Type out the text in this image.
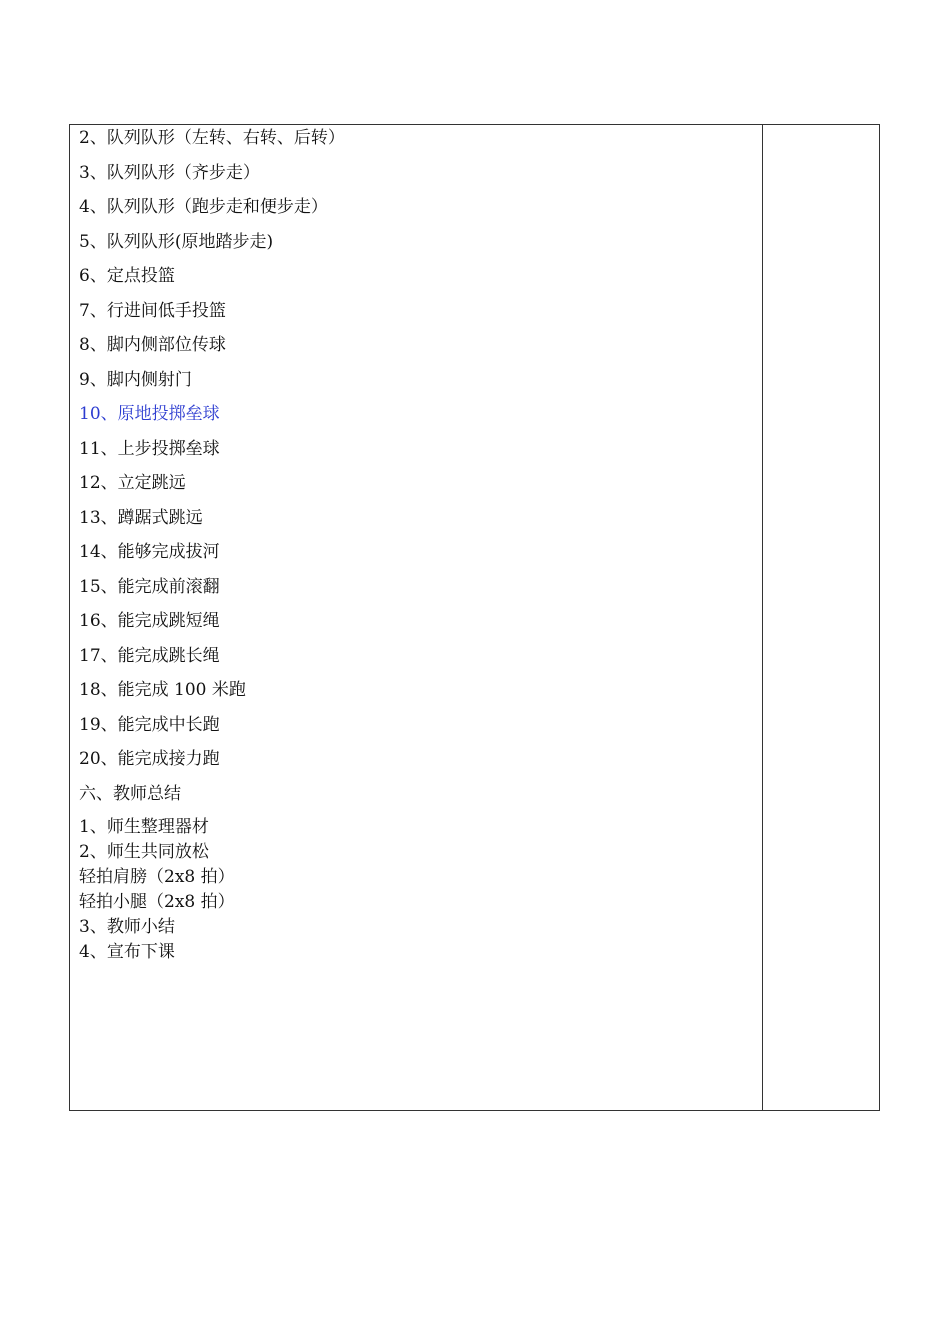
2、队列队形（左转、右转、后转）
3、队列队形（齐步走）
4、队列队形（跑步走和便步走）
5、队列队形(原地踏步走)
6、定点投篮
7、行进间低手投篮
8、脚内侧部位传球
9、脚内侧射门
10、原地投掷垒球
11、上步投掷垒球
12、立定跳远
13、蹲踞式跳远
14、能够完成拔河
15、能完成前滚翻
16、能完成跳短绳
17、能完成跳长绳
18、能完成 100 米跑
19、能完成中长跑
20、能完成接力跑
六、教师总结
1、师生整理器材
2、师生共同放松
轻拍肩膀（2x8 拍）
轻拍小腿（2x8 拍）
3、教师小结
4、宣布下课
